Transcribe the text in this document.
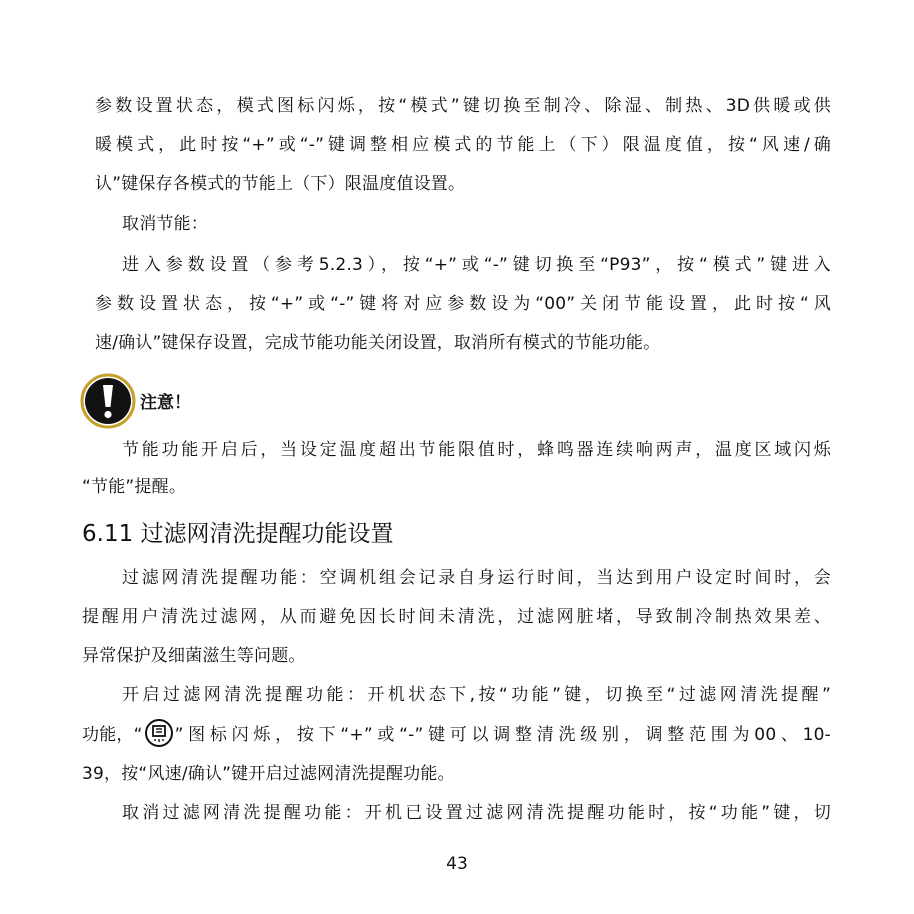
参数设置状态，模式图标闪烁，按“模式”键切换至制冷、除湿、制热、3D供暖或供
暖模式，此时按“+”或“-”键调整相应模式的节能上（下）限温度值，按“风速/确
认”键保存各模式的节能上（下）限温度值设置。
取消节能：
进入参数设置（参考5.2.3），按“+”或“-”键切换至“P93”，按“模式”键进入
参数设置状态，按“+”或“-”键将对应参数设为“00”关闭节能设置，此时按“风
速/确认”键保存设置，完成节能功能关闭设置，取消所有模式的节能功能。
注意！
节能功能开启后，当设定温度超出节能限值时，蜂鸣器连续响两声，温度区域闪烁
“节能”提醒。
6.11 过滤网清洗提醒功能设置
过滤网清洗提醒功能：空调机组会记录自身运行时间，当达到用户设定时间时，会
提醒用户清洗过滤网，从而避免因长时间未清洗，过滤网脏堵，导致制冷制热效果差、
异常保护及细菌滋生等问题。
开启过滤网清洗提醒功能：开机状态下,按“功能”键，切换至“过滤网清洗提醒”
功能，“ ”图标闪烁，按下“+”或“-”键可以调整清洗级别，调整范围为00、10-
39，按“风速/确认”键开启过滤网清洗提醒功能。
取消过滤网清洗提醒功能：开机已设置过滤网清洗提醒功能时，按“功能”键，切
43
